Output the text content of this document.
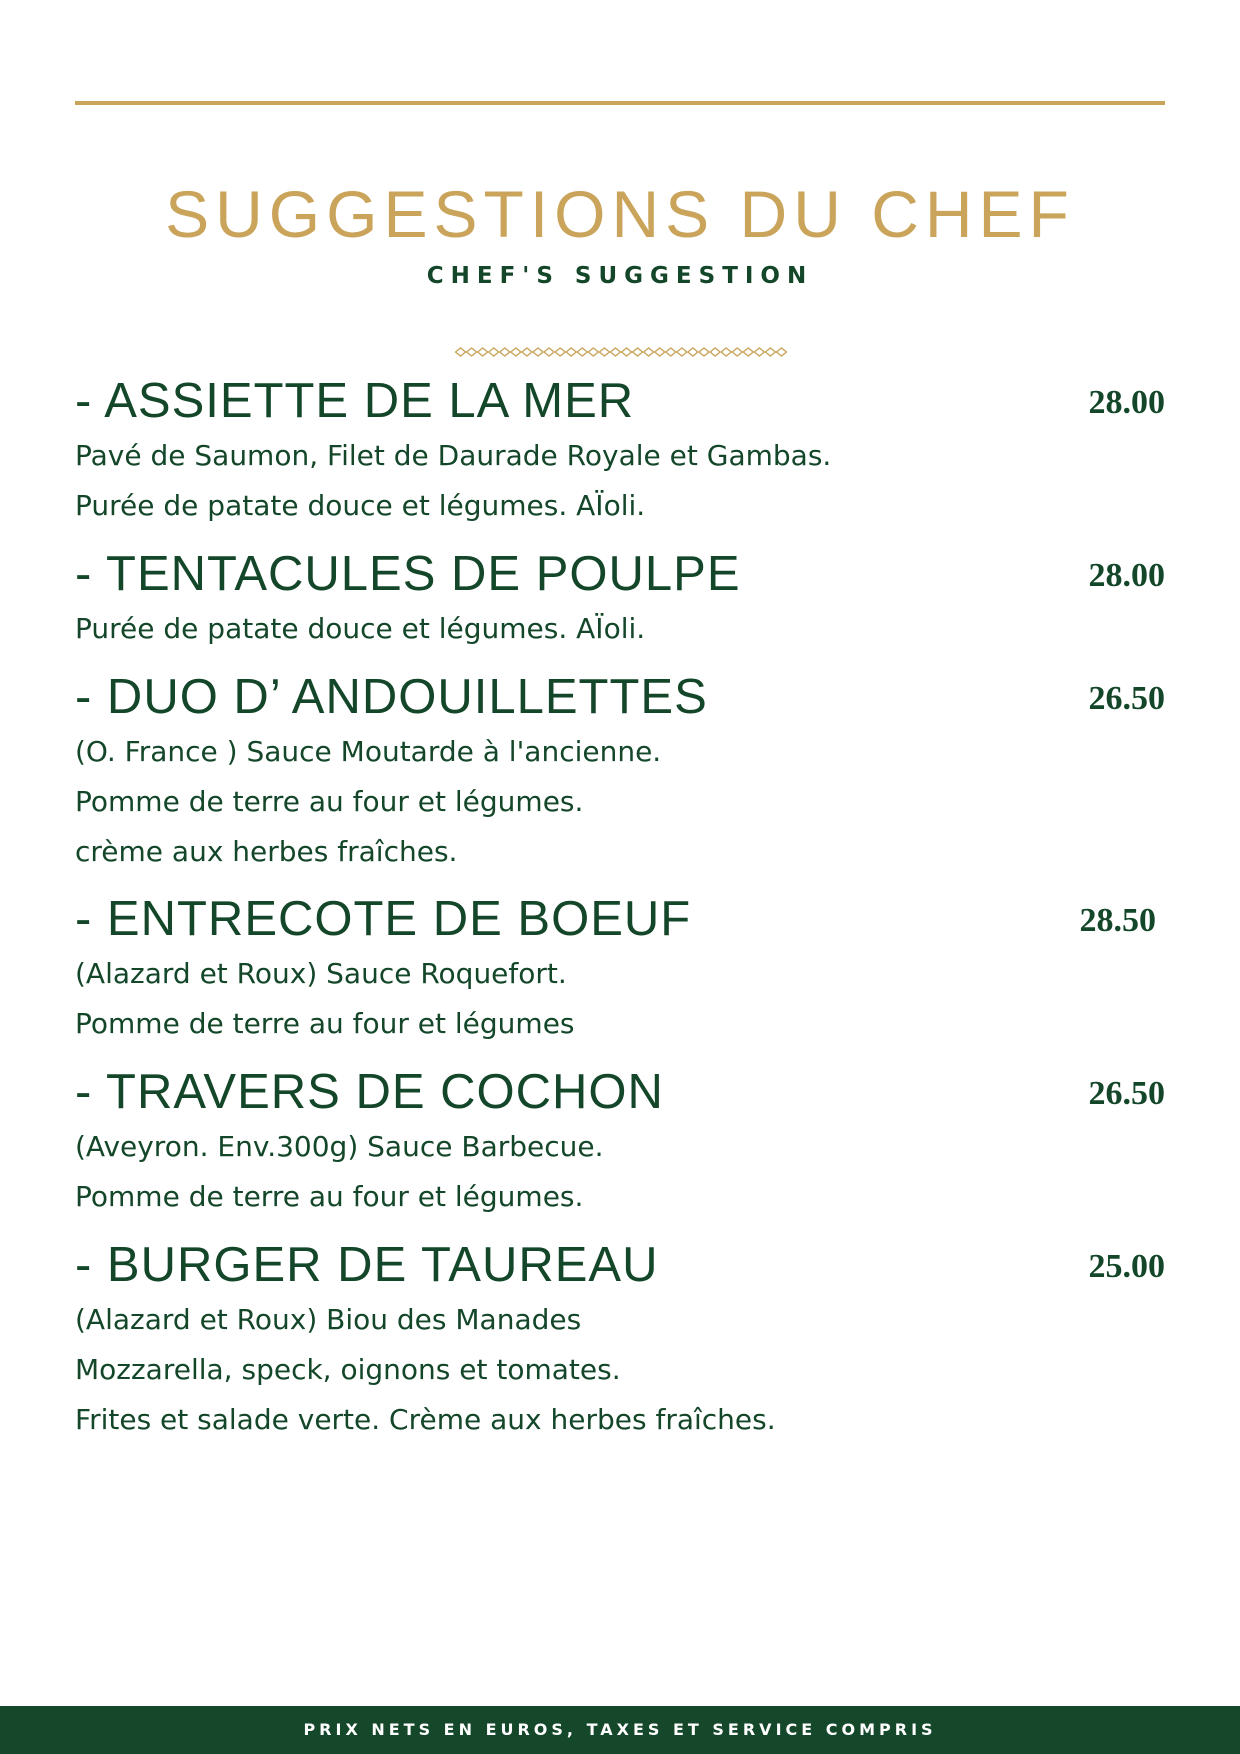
SUGGESTIONS DU CHEF
CHEF'S SUGGESTION
- ASSIETTE DE LA MER	28.00

Pavé de Saumon, Filet de Daurade Royale et Gambas.

Purée de patate douce et légumes. AÏoli.

- TENTACULES DE POULPE	28.00

Purée de patate douce et légumes. AÏoli.

- DUO D’ ANDOUILLETTES	26.50

(O. France ) Sauce Moutarde à l'ancienne.

Pomme de terre au four et légumes.

crème aux herbes fraîches.

- ENTRECOTE DE BOEUF	28.50

(Alazard et Roux) Sauce Roquefort.

Pomme de terre au four et légumes

- TRAVERS DE COCHON	26.50

(Aveyron. Env.300g) Sauce Barbecue.

Pomme de terre au four et légumes.

- BURGER DE TAUREAU	25.00

(Alazard et Roux) Biou des Manades

Mozzarella, speck, oignons et tomates.

Frites et salade verte. Crème aux herbes fraîches.

PRIX NETS EN EUROS, TAXES ET SERVICE COMPRIS
